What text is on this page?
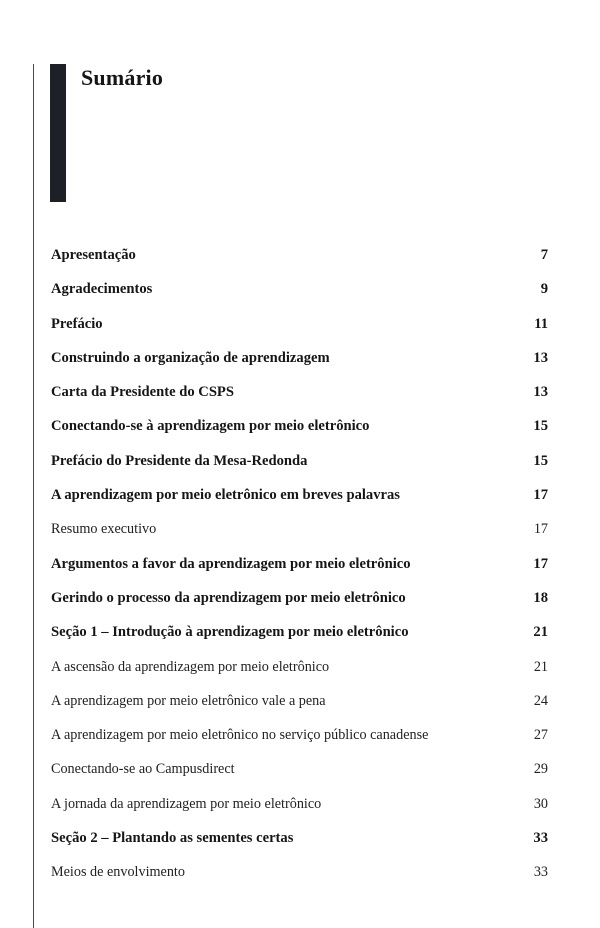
Sumário
Apresentação	7
Agradecimentos	9
Prefácio	11
Construindo a organização de aprendizagem	13
Carta da Presidente do CSPS	13
Conectando-se à aprendizagem por meio eletrônico	15
Prefácio do Presidente da Mesa-Redonda	15
A aprendizagem por meio eletrônico em breves palavras	17
Resumo executivo	17
Argumentos a favor da aprendizagem por meio eletrônico	17
Gerindo o processo da aprendizagem por meio eletrônico	18
Seção 1 – Introdução à aprendizagem por meio eletrônico	21
A ascensão da aprendizagem por meio eletrônico	21
A aprendizagem por meio eletrônico vale a pena	24
A aprendizagem por meio eletrônico no serviço público canadense	27
Conectando-se ao Campusdirect	29
A jornada da aprendizagem por meio eletrônico	30
Seção 2 – Plantando as sementes certas	33
Meios de envolvimento	33
